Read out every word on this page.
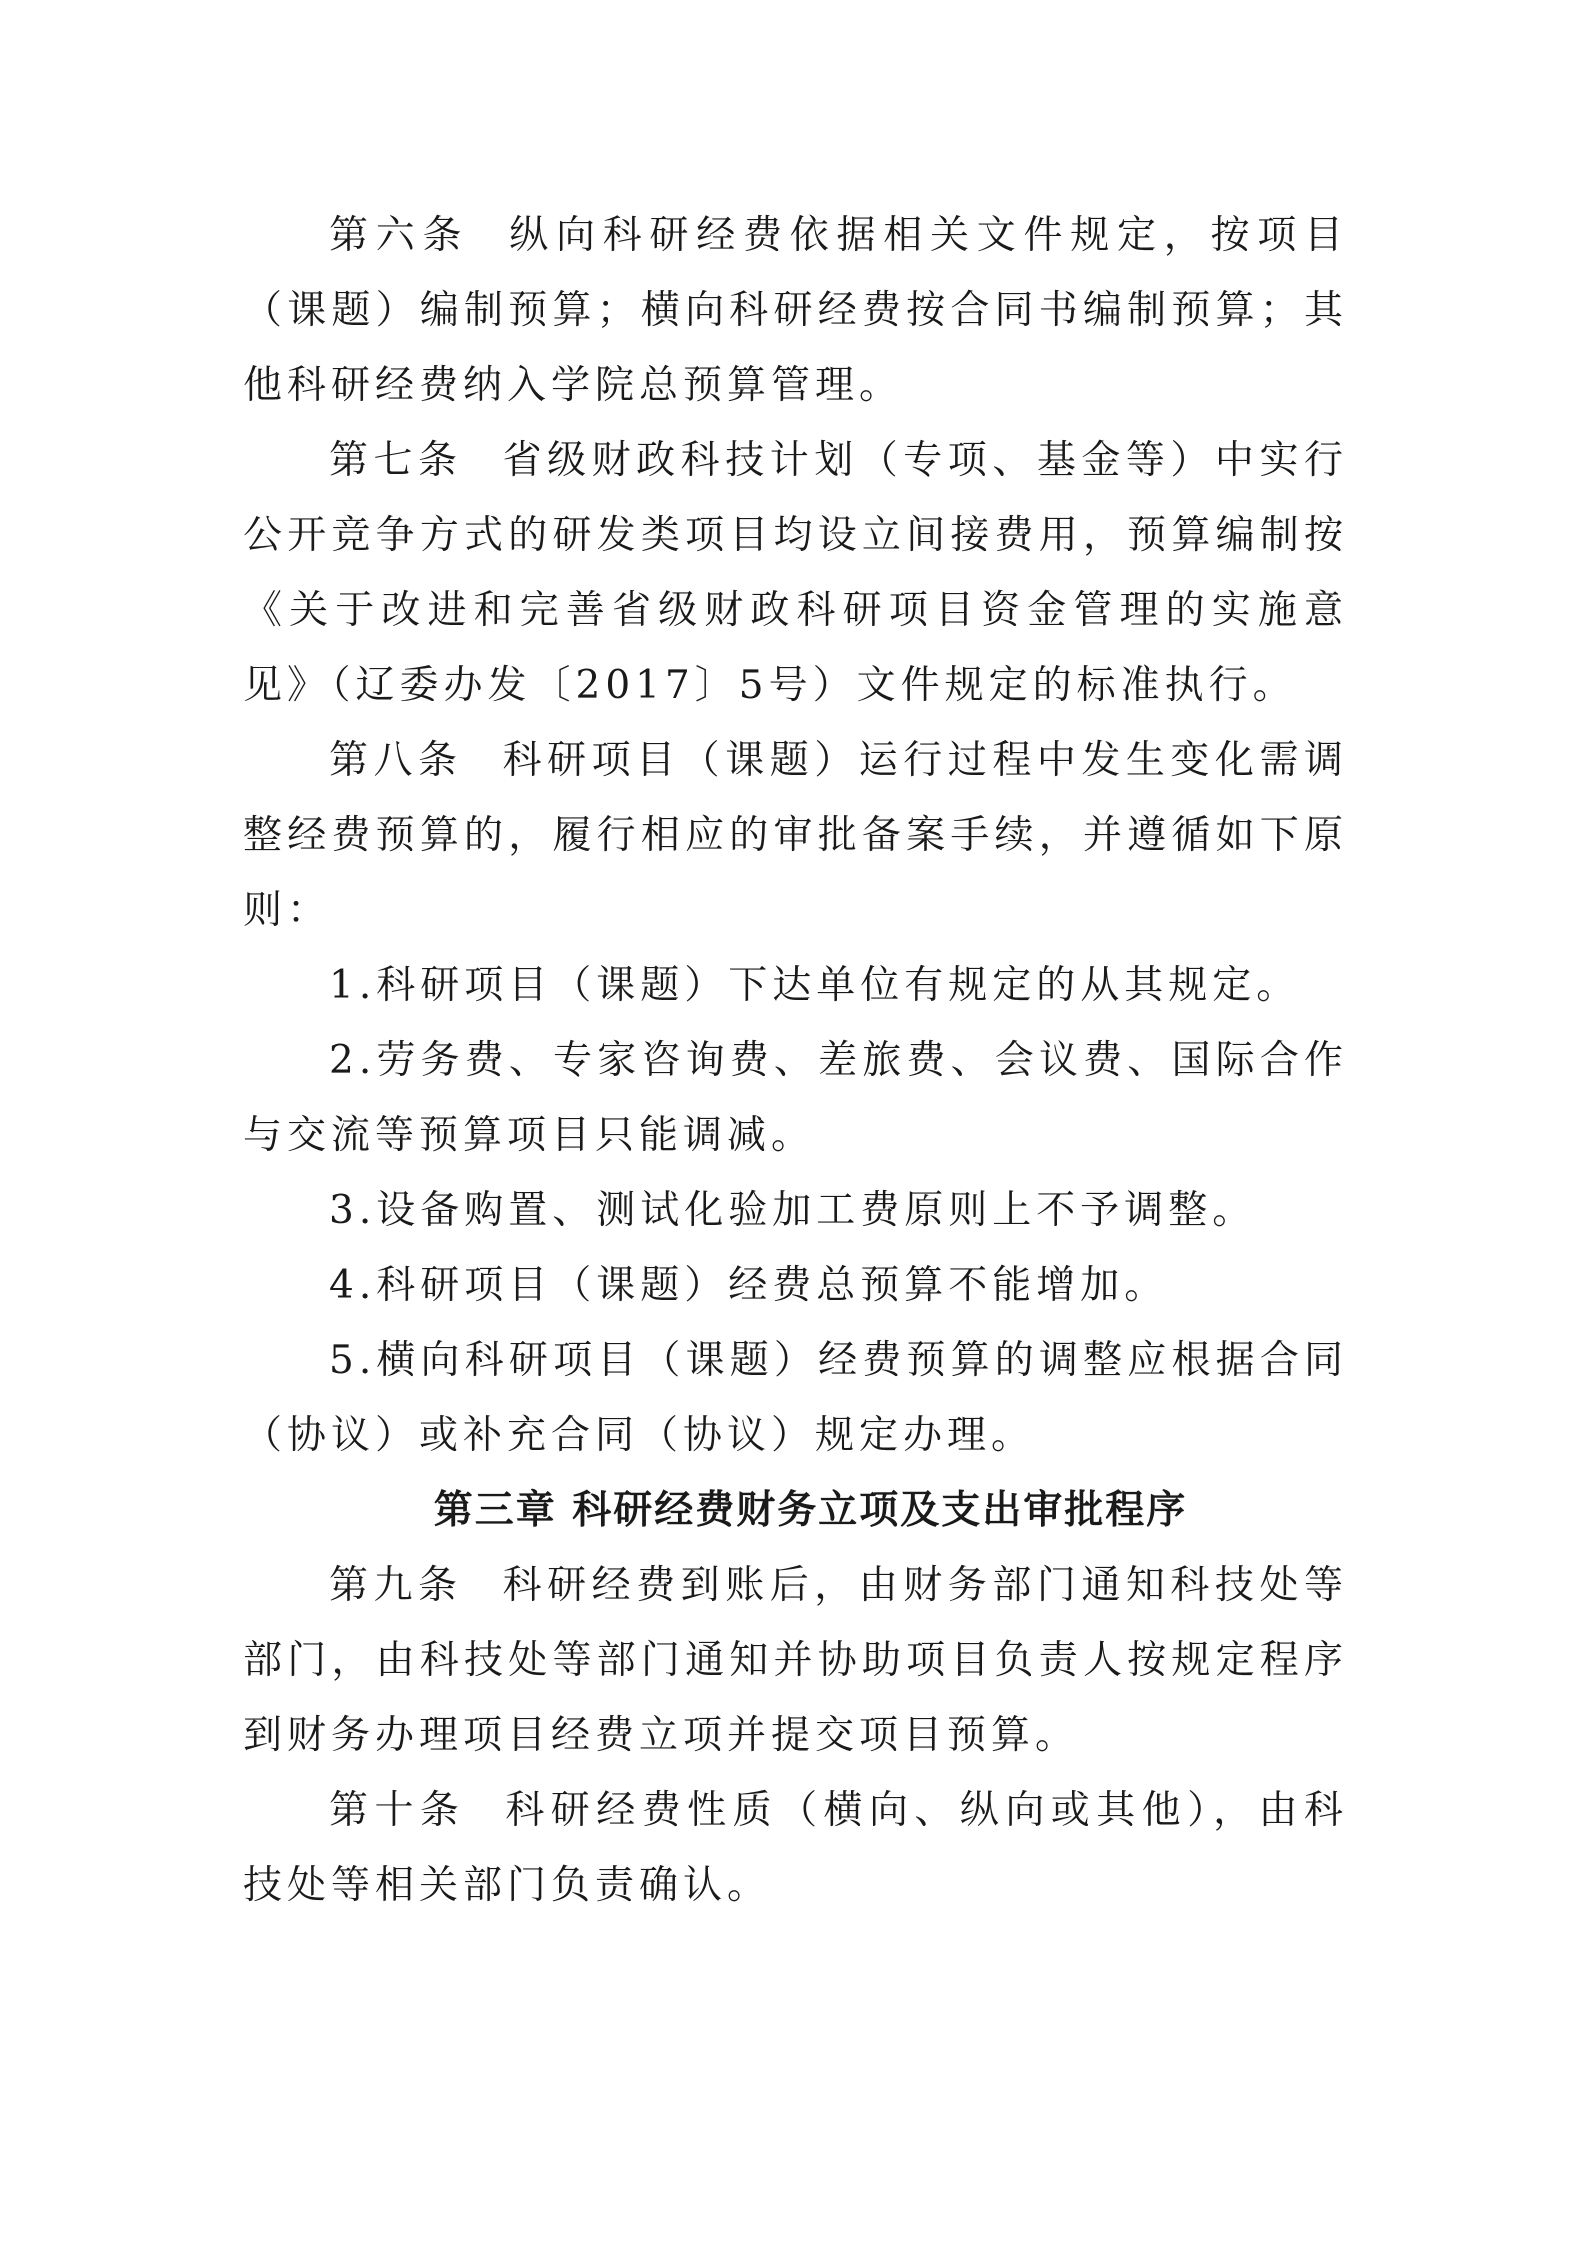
第六条 纵向科研经费依据相关文件规定，按项目（课题）编制预算；横向科研经费按合同书编制预算；其他科研经费纳入学院总预算管理。

第七条 省级财政科技计划（专项、基金等）中实行公开竞争方式的研发类项目均设立间接费用，预算编制按《关于改进和完善省级财政科研项目资金管理的实施意见》（辽委办发〔2017〕5号）文件规定的标准执行。

第八条 科研项目（课题）运行过程中发生变化需调整经费预算的，履行相应的审批备案手续，并遵循如下原则：

1.科研项目（课题）下达单位有规定的从其规定。

2.劳务费、专家咨询费、差旅费、会议费、国际合作与交流等预算项目只能调减。

3.设备购置、测试化验加工费原则上不予调整。

4.科研项目（课题）经费总预算不能增加。

5.横向科研项目（课题）经费预算的调整应根据合同（协议）或补充合同（协议）规定办理。

第三章 科研经费财务立项及支出审批程序

第九条 科研经费到账后，由财务部门通知科技处等部门，由科技处等部门通知并协助项目负责人按规定程序到财务办理项目经费立项并提交项目预算。

第十条 科研经费性质（横向、纵向或其他），由科技处等相关部门负责确认。
